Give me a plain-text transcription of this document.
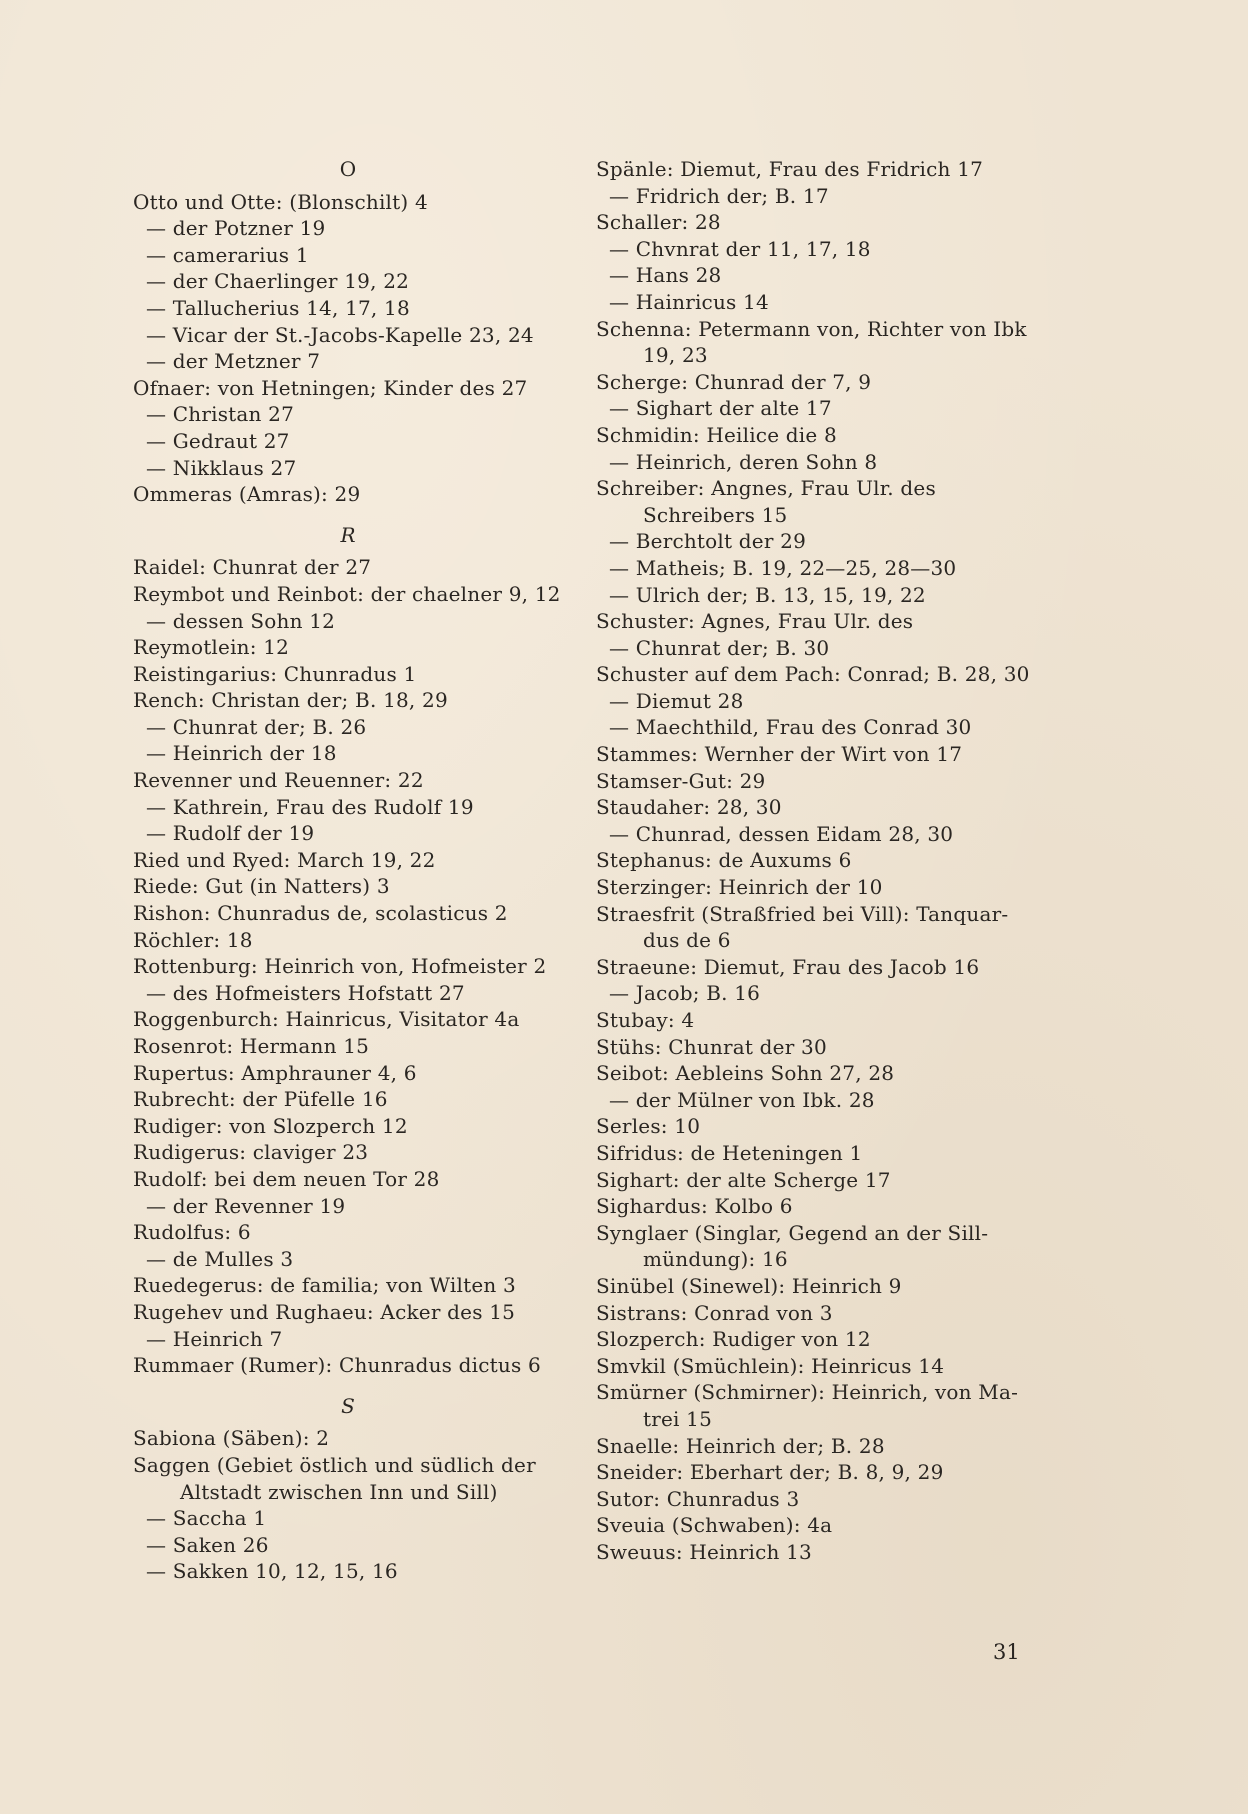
O
Otto und Otte: (Blonschilt) 4
— der Potzner 19
— camerarius 1
— der Chaerlinger 19, 22
— Tallucherius 14, 17, 18
— Vicar der St.-Jacobs-Kapelle 23, 24
— der Metzner 7
Ofnaer: von Hetningen; Kinder des 27
— Christan 27
— Gedraut 27
— Nikklaus 27
Ommeras (Amras): 29
R
Raidel: Chunrat der 27
Reymbot und Reinbot: der chaelner 9, 12
— dessen Sohn 12
Reymotlein: 12
Reistingarius: Chunradus 1
Rench: Christan der; B. 18, 29
— Chunrat der; B. 26
— Heinrich der 18
Revenner und Reuenner: 22
— Kathrein, Frau des Rudolf 19
— Rudolf der 19
Ried und Ryed: March 19, 22
Riede: Gut (in Natters) 3
Rishon: Chunradus de, scolasticus 2
Röchler: 18
Rottenburg: Heinrich von, Hofmeister 2
— des Hofmeisters Hofstatt 27
Roggenburch: Hainricus, Visitator 4a
Rosenrot: Hermann 15
Rupertus: Amphrauner 4, 6
Rubrecht: der Püfelle 16
Rudiger: von Slozperch 12
Rudigerus: claviger 23
Rudolf: bei dem neuen Tor 28
— der Revenner 19
Rudolfus: 6
— de Mulles 3
Ruedegerus: de familia; von Wilten 3
Rugehev und Rughaeu: Acker des 15
— Heinrich 7
Rummaer (Rumer): Chunradus dictus 6
S
Sabiona (Säben): 2
Saggen (Gebiet östlich und südlich der
Altstadt zwischen Inn und Sill)
— Saccha 1
— Saken 26
— Sakken 10, 12, 15, 16
Spänle: Diemut, Frau des Fridrich 17
— Fridrich der; B. 17
Schaller: 28
— Chvnrat der 11, 17, 18
— Hans 28
— Hainricus 14
Schenna: Petermann von, Richter von Ibk
19, 23
Scherge: Chunrad der 7, 9
— Sighart der alte 17
Schmidin: Heilice die 8
— Heinrich, deren Sohn 8
Schreiber: Angnes, Frau Ulr. des
Schreibers 15
— Berchtolt der 29
— Matheis; B. 19, 22—25, 28—30
— Ulrich der; B. 13, 15, 19, 22
Schuster: Agnes, Frau Ulr. des
— Chunrat der; B. 30
Schuster auf dem Pach: Conrad; B. 28, 30
— Diemut 28
— Maechthild, Frau des Conrad 30
Stammes: Wernher der Wirt von 17
Stamser-Gut: 29
Staudaher: 28, 30
— Chunrad, dessen Eidam 28, 30
Stephanus: de Auxums 6
Sterzinger: Heinrich der 10
Straesfrit (Straßfried bei Vill): Tanquar-
dus de 6
Straeune: Diemut, Frau des Jacob 16
— Jacob; B. 16
Stubay: 4
Stühs: Chunrat der 30
Seibot: Aebleins Sohn 27, 28
— der Mülner von Ibk. 28
Serles: 10
Sifridus: de Heteningen 1
Sighart: der alte Scherge 17
Sighardus: Kolbo 6
Synglaer (Singlar, Gegend an der Sill-
mündung): 16
Sinübel (Sinewel): Heinrich 9
Sistrans: Conrad von 3
Slozperch: Rudiger von 12
Smvkil (Smüchlein): Heinricus 14
Smürner (Schmirner): Heinrich, von Ma-
trei 15
Snaelle: Heinrich der; B. 28
Sneider: Eberhart der; B. 8, 9, 29
Sutor: Chunradus 3
Sveuia (Schwaben): 4a
Sweuus: Heinrich 13
31
